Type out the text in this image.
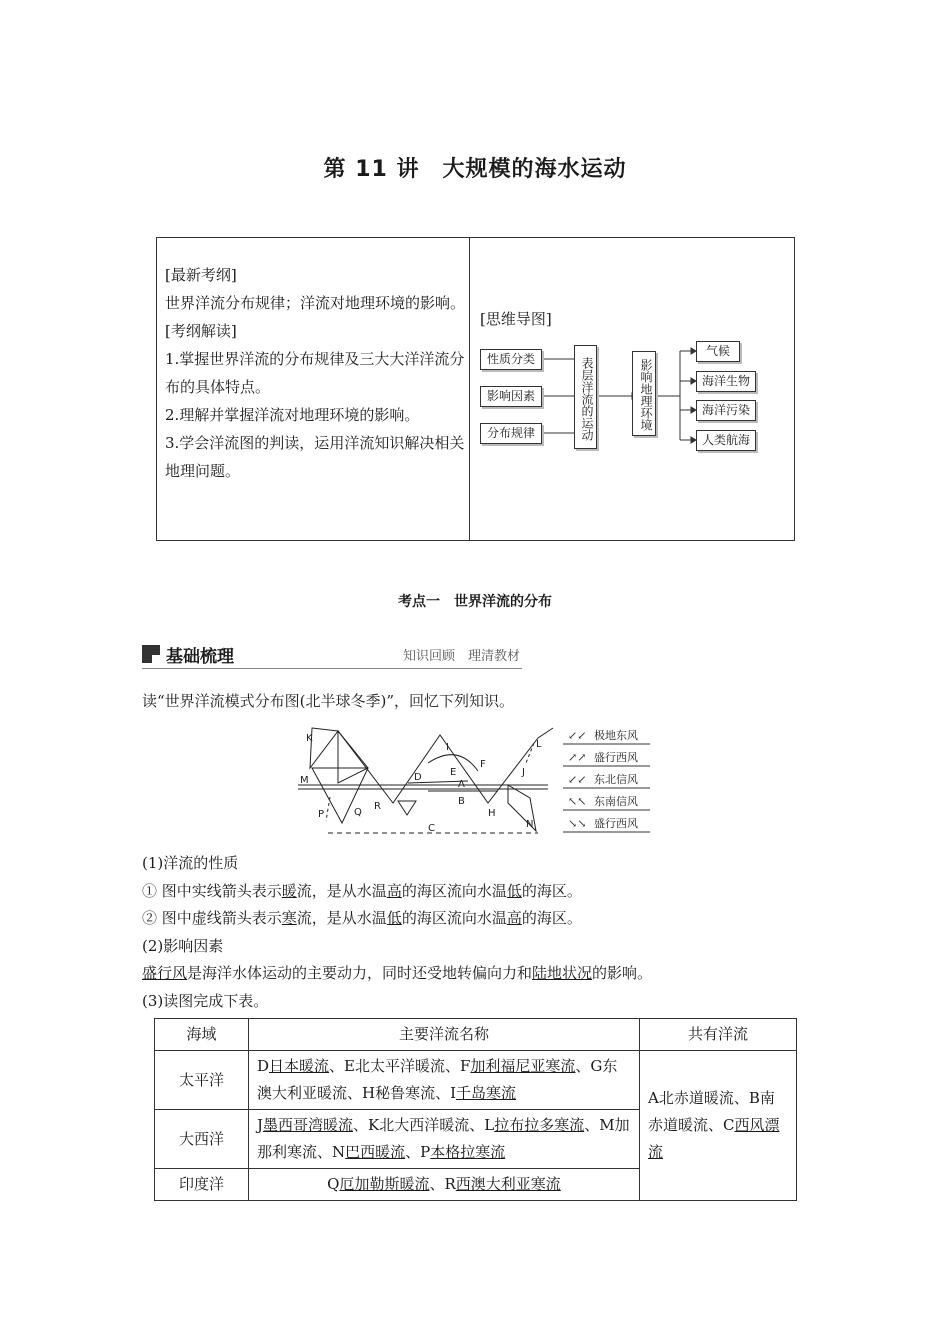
第 11 讲　大规模的海水运动

[最新考纲]

世界洋流分布规律；洋流对地理环境的影响。

[考纲解读]

1.掌握世界洋流的分布规律及三大大洋洋流分布的具体特点。

2.理解并掌握洋流对地理环境的影响。

3.学会洋流图的判读，运用洋流知识解决相关地理问题。

[思维导图]
性质分类
影响因素
分布规律	表层洋流的运动	影响地理环境
气候
海洋生物
海洋污染
人类航海
考点一　世界洋流的分布
基础梳理	知识回顾　理清教材
读“世界洋流模式分布图(北半球冬季)”，回忆下列知识。
K
L
I
F
M	D	E	J
A
B
R
Q
P	H
N
C
↙↙
↗↗
↙↙
↖↖
↘↘
极地东风
盛行西风
东北信风
东南信风
盛行西风

(1)洋流的性质

① 图中实线箭头表示暖流，是从水温高的海区流向水温低的海区。

② 图中虚线箭头表示寒流，是从水温低的海区流向水温高的海区。

(2)影响因素

盛行风是海洋水体运动的主要动力，同时还受地转偏向力和陆地状况的影响。

(3)读图完成下表。

海域	主要洋流名称	共有洋流
太平洋	D日本暖流、E北太平洋暖流、F加利福尼亚寒流、G东澳大利亚暖流、H秘鲁寒流、I千岛寒流	A北赤道暖流、B南赤道暖流、C西风漂流
大西洋	J墨西哥湾暖流、K北大西洋暖流、L拉布拉多寒流、M加那利寒流、N巴西暖流、P本格拉寒流	
印度洋	Q厄加勒斯暖流、R西澳大利亚寒流	
